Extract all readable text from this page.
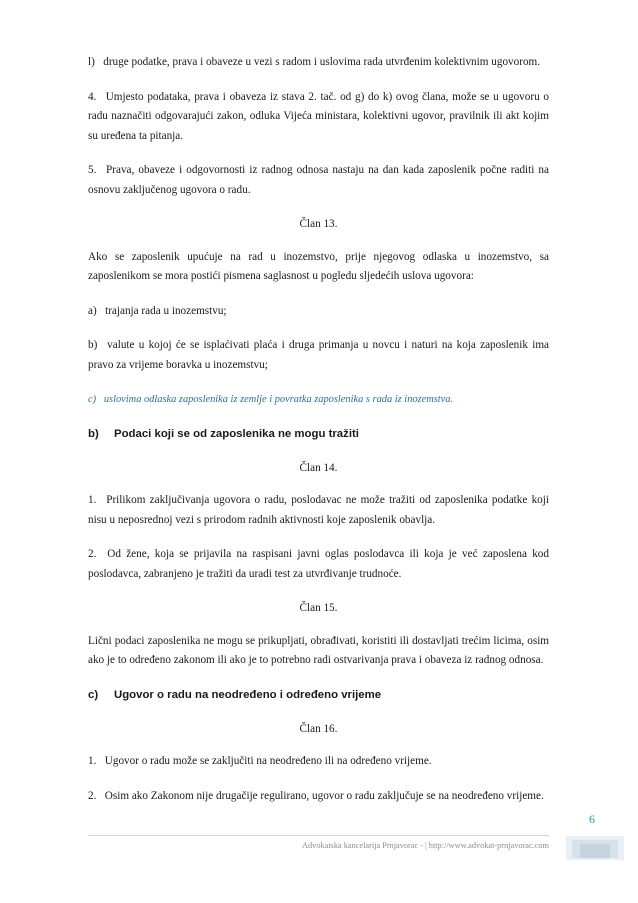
l)  druge podatke, prava i obaveze u vezi s radom i uslovima rada utvrđenim kolektivnim ugovorom.

4.  Umjesto podataka, prava i obaveza iz stava 2. tač. od g) do k) ovog člana, može se u ugovoru o radu naznačiti odgovarajući zakon, odluka Vijeća ministara, kolektivni ugovor, pravilnik ili akt kojim su uređena ta pitanja.

5.  Prava, obaveze i odgovornosti iz radnog odnosa nastaju na dan kada zaposlenik počne raditi na osnovu zaključenog ugovora o radu.

Član 13.

Ako se zaposlenik upućuje na rad u inozemstvo, prije njegovog odlaska u inozemstvo, sa zaposlenikom se mora postići pismena saglasnost u pogledu sljedećih uslova ugovora:

a)  trajanja rada u inozemstvu;

b)  valute u kojoj će se isplaćivati plaća i druga primanja u novcu i naturi na koja zaposlenik ima pravo za vrijeme boravka u inozemstvu;

c)  uslovima odlaska zaposlenika iz zemlje i povratka zaposlenika s rada iz inozemstva.

b) Podaci koji se od zaposlenika ne mogu tražiti

Član 14.

1.  Prilikom zaključivanja ugovora o radu, poslodavac ne može tražiti od zaposlenika podatke koji nisu u neposrednoj vezi s prirodom radnih aktivnosti koje zaposlenik obavlja.

2.  Od žene, koja se prijavila na raspisani javni oglas poslodavca ili koja je već zaposlena kod poslodavca, zabranjeno je tražiti da uradi test za utvrđivanje trudnoće.

Član 15.

Lični podaci zaposlenika ne mogu se prikupljati, obrađivati, koristiti ili dostavljati trećim licima, osim ako je to određeno zakonom ili ako je to potrebno radi ostvarivanja prava i obaveza iz radnog odnosa.

c) Ugovor o radu na neodređeno i određeno vrijeme

Član 16.

1.  Ugovor o radu može se zaključiti na neodređeno ili na određeno vrijeme.

2.  Osim ako Zakonom nije drugačije regulirano, ugovor o radu zaključuje se na neodređeno vrijeme.

6
Advokatska kancelarija Prnjavorac - | http://www.advokat-prnjavorac.com
